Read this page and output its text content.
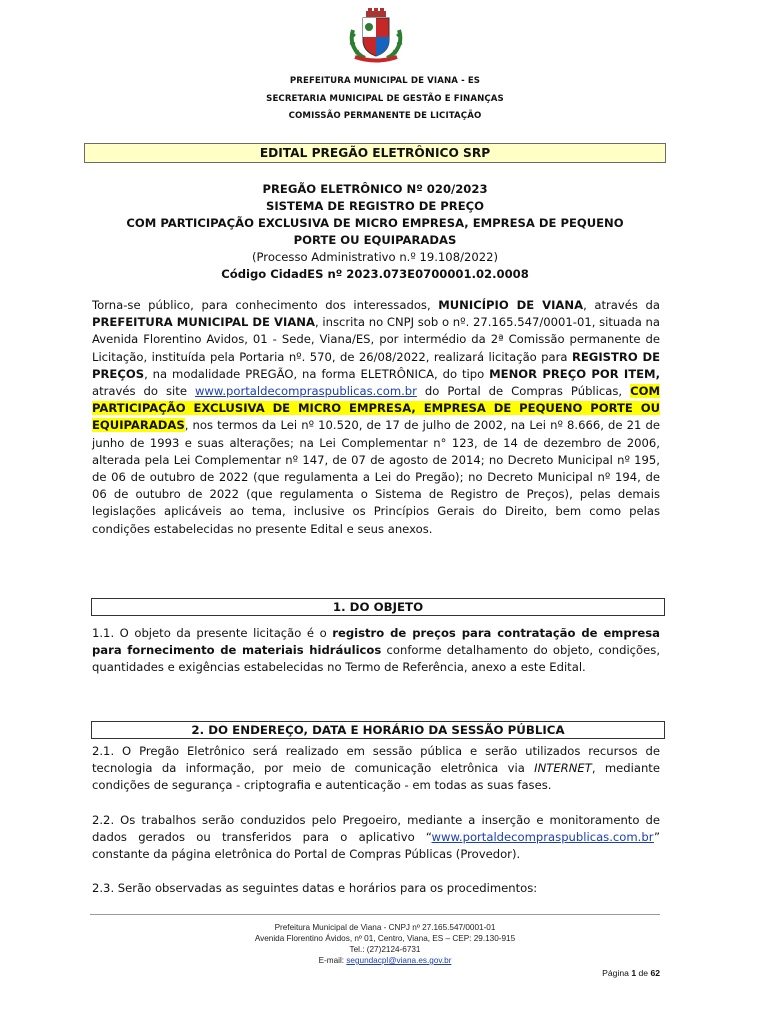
PREFEITURA MUNICIPAL DE VIANA - ES
SECRETARIA MUNICIPAL DE GESTÃO E FINANÇAS
COMISSÃO PERMANENTE DE LICITAÇÃO
EDITAL PREGÃO ELETRÔNICO SRP
PREGÃO ELETRÔNICO Nº 020/2023
SISTEMA DE REGISTRO DE PREÇO
COM PARTICIPAÇÃO EXCLUSIVA DE MICRO EMPRESA, EMPRESA DE PEQUENO
PORTE OU EQUIPARADAS
(Processo Administrativo n.º 19.108/2022)
Código CidadES nº 2023.073E0700001.02.0008

Torna-se público, para conhecimento dos interessados, MUNICÍPIO DE VIANA, através da PREFEITURA MUNICIPAL DE VIANA, inscrita no CNPJ sob o nº. 27.165.547/0001-01, situada na Avenida Florentino Avidos, 01 - Sede, Viana/ES, por intermédio da 2ª Comissão permanente de Licitação, instituída pela Portaria nº. 570, de 26/08/2022, realizará licitação para REGISTRO DE PREÇOS, na modalidade PREGÃO, na forma ELETRÔNICA, do tipo MENOR PREÇO POR ITEM, através do site www.portaldecompraspublicas.com.br do Portal de Compras Públicas, COM PARTICIPAÇÃO EXCLUSIVA DE MICRO EMPRESA, EMPRESA DE PEQUENO PORTE OU EQUIPARADAS, nos termos da Lei nº 10.520, de 17 de julho de 2002, na Lei nº 8.666, de 21 de junho de 1993 e suas alterações; na Lei Complementar n° 123, de 14 de dezembro de 2006, alterada pela Lei Complementar nº 147, de 07 de agosto de 2014; no Decreto Municipal nº 195, de 06 de outubro de 2022 (que regulamenta a Lei do Pregão); no Decreto Municipal nº 194, de 06 de outubro de 2022 (que regulamenta o Sistema de Registro de Preços), pelas demais legislações aplicáveis ao tema, inclusive os Princípios Gerais do Direito, bem como pelas condições estabelecidas no presente Edital e seus anexos.

1. DO OBJETO

1.1. O objeto da presente licitação é o registro de preços para contratação de empresa para fornecimento de materiais hidráulicos conforme detalhamento do objeto, condições, quantidades e exigências estabelecidas no Termo de Referência, anexo a este Edital.

2. DO ENDEREÇO, DATA E HORÁRIO DA SESSÃO PÚBLICA

2.1. O Pregão Eletrônico será realizado em sessão pública e serão utilizados recursos de tecnologia da informação, por meio de comunicação eletrônica via INTERNET, mediante condições de segurança - criptografia e autenticação - em todas as suas fases.

2.2. Os trabalhos serão conduzidos pelo Pregoeiro, mediante a inserção e monitoramento de dados gerados ou transferidos para o aplicativo “www.portaldecompraspublicas.com.br” constante da página eletrônica do Portal de Compras Públicas (Provedor).

2.3. Serão observadas as seguintes datas e horários para os procedimentos:

Prefeitura Municipal de Viana - CNPJ nº 27.165.547/0001-01
Avenida Florentino Ávidos, nº 01, Centro, Viana, ES – CEP: 29.130-915
Tel.: (27)2124-6731
E-mail: segundacpl@viana.es.gov.br
Página 1 de 62
